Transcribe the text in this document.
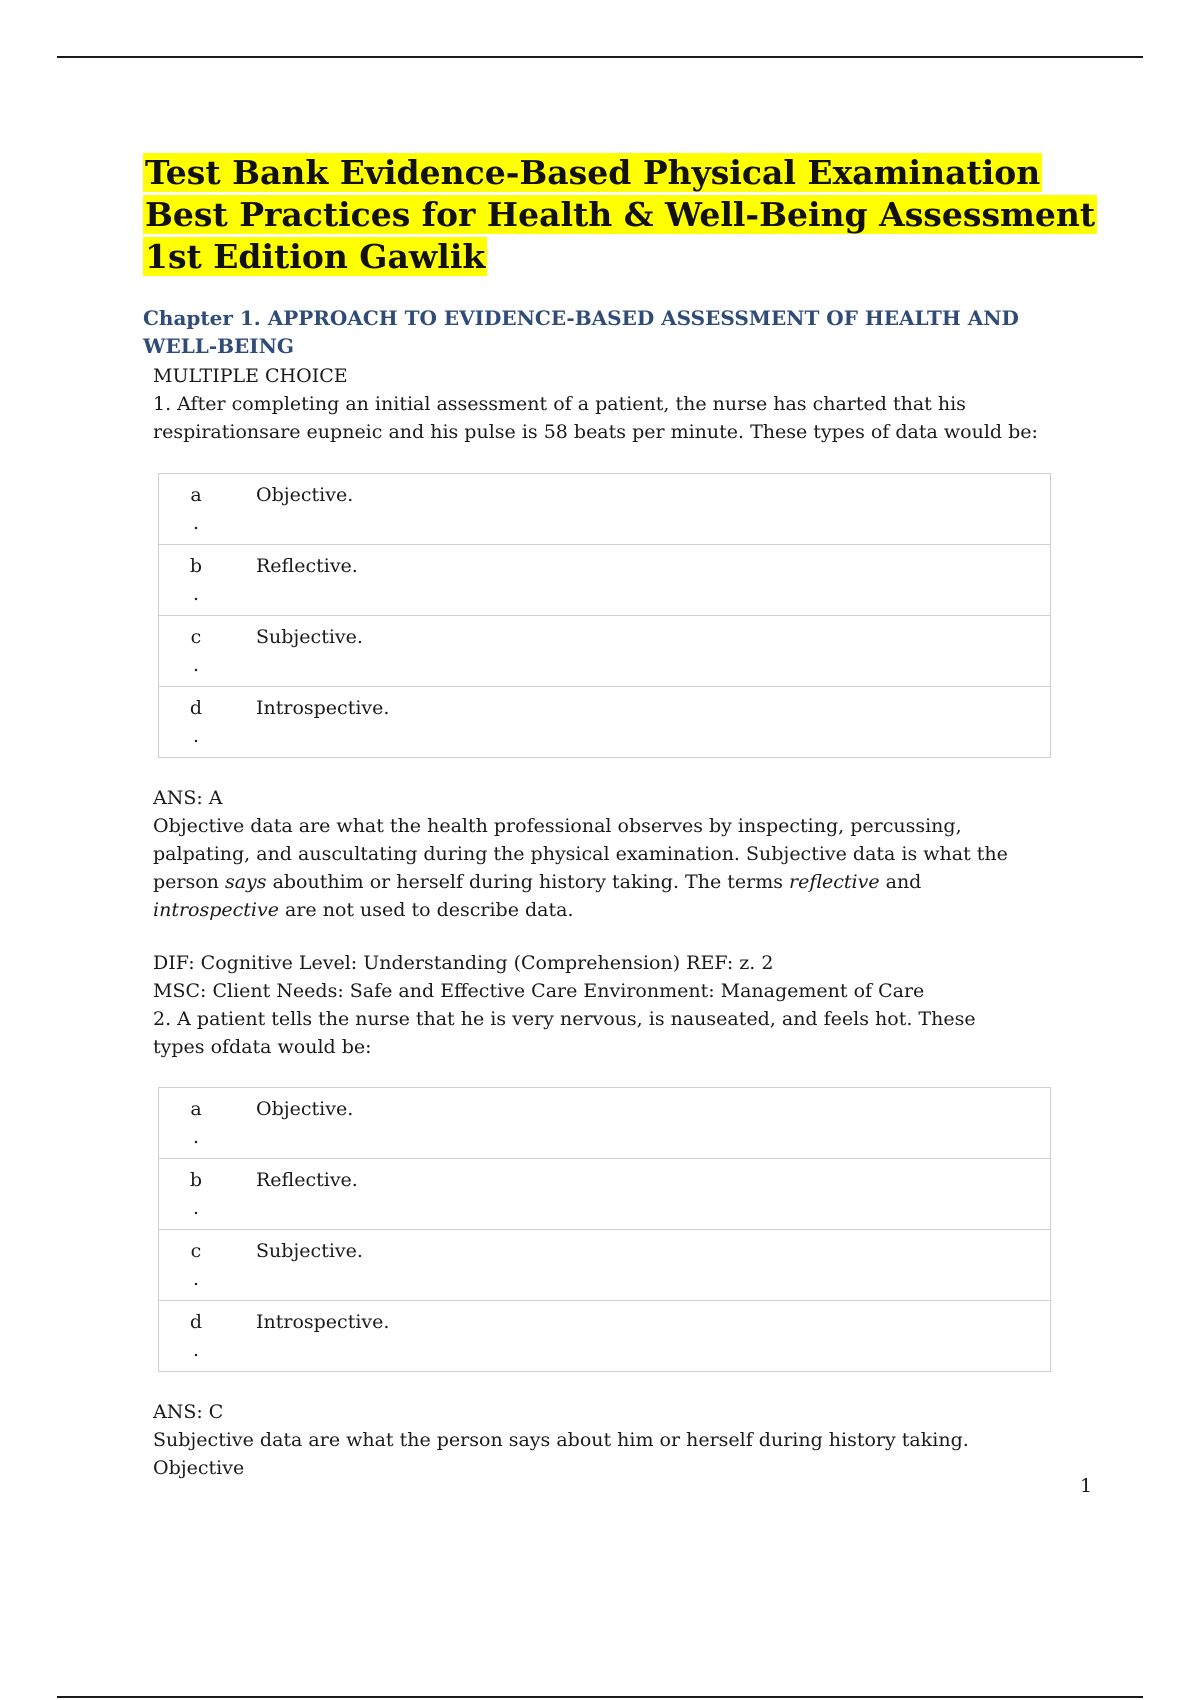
Test Bank Evidence-Based Physical Examination Best Practices for Health & Well-Being Assessment 1st Edition Gawlik
Chapter 1. APPROACH TO EVIDENCE-BASED ASSESSMENT OF HEALTH AND WELL-BEING

MULTIPLE CHOICE

1. After completing an initial assessment of a patient, the nurse has charted that his respirationsare eupneic and his pulse is 58 beats per minute. These types of data would be:

a
.
Objective.
b
.
Reflective.
c
.
Subjective.
d
.
Introspective.

ANS: A

Objective data are what the health professional observes by inspecting, percussing, palpating, and auscultating during the physical examination. Subjective data is what the person says abouthim or herself during history taking. The terms reflective and introspective are not used to describe data.

DIF: Cognitive Level: Understanding (Comprehension) REF: z. 2

MSC: Client Needs: Safe and Effective Care Environment: Management of Care

2. A patient tells the nurse that he is very nervous, is nauseated, and feels hot. These types ofdata would be:

a
.
Objective.
b
.
Reflective.
c
.
Subjective.
d
.
Introspective.

ANS: C

Subjective data are what the person says about him or herself during history taking. Objective

1
